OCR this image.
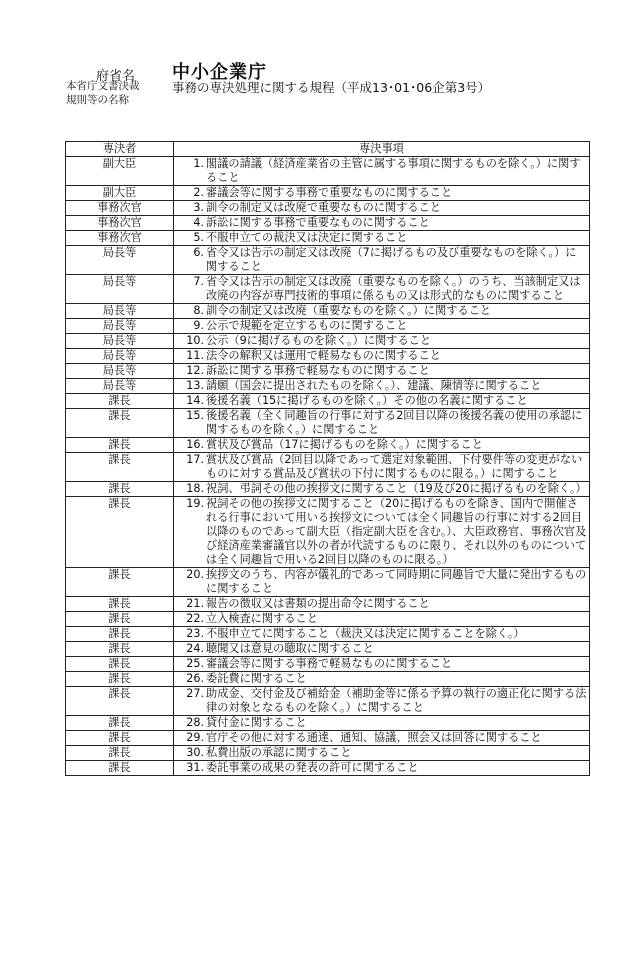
府省名 中小企業庁
本省庁文書決裁
規則等の名称
事務の専決処理に関する規程（平成13･01･06企第3号）
専決者	専決事項
副大臣	1. 閣議の請議（経済産業省の主管に属する事項に関するものを除く。）に関すること

副大臣	2. 審議会等に関する事務で重要なものに関すること

事務次官	3. 訓令の制定又は改廃で重要なものに関すること

事務次官	4. 訴訟に関する事務で重要なものに関すること

事務次官	5. 不服申立ての裁決又は決定に関すること

局長等	6. 省令又は告示の制定又は改廃（7に掲げるもの及び重要なものを除く。）に関すること

局長等	7. 省令又は告示の制定又は改廃（重要なものを除く。）のうち、当該制定又は改廃の内容が専門技術的事項に係るもの又は形式的なものに関すること

局長等	8. 訓令の制定又は改廃（重要なものを除く。）に関すること

局長等	9. 公示で規範を定立するものに関すること

局長等	10. 公示（9に掲げるものを除く。）に関すること

局長等	11. 法令の解釈又は運用で軽易なものに関すること

局長等	12. 訴訟に関する事務で軽易なものに関すること

局長等	13. 請願（国会に提出されたものを除く。）、建議、陳情等に関すること

課長	14. 後援名義（15に掲げるものを除く。）その他の名義に関すること

課長	15. 後援名義（全く同趣旨の行事に対する2回目以降の後援名義の使用の承認に関するものを除く。）に関すること

課長	16. 賞状及び賞品（17に掲げるものを除く。）に関すること

課長	17. 賞状及び賞品（2回目以降であって選定対象範囲、下付要件等の変更がないものに対する賞品及び賞状の下付に関するものに限る。）に関すること

課長	18. 祝詞、弔詞その他の挨拶文に関すること（19及び20に掲げるものを除く。）

課長	19. 祝詞その他の挨拶文に関すること（20に掲げるものを除き、国内で開催される行事において用いる挨拶文については全く同趣旨の行事に対する2回目以降のものであって副大臣（指定副大臣を含む。）、大臣政務官、事務次官及び経済産業審議官以外の者が代読するものに限り、それ以外のものについては全く同趣旨で用いる2回目以降のものに限る。）

課長	20. 挨拶文のうち、内容が儀礼的であって同時期に同趣旨で大量に発出するものに関すること

課長	21. 報告の徴収又は書類の提出命令に関すること

課長	22. 立入検査に関すること

課長	23. 不服申立てに関すること（裁決又は決定に関することを除く。）

課長	24. 聴聞又は意見の聴取に関すること

課長	25. 審議会等に関する事務で軽易なものに関すること

課長	26. 委託費に関すること

課長	27. 助成金、交付金及び補給金（補助金等に係る予算の執行の適正化に関する法律の対象となるものを除く。）に関すること

課長	28. 貸付金に関すること

課長	29. 官庁その他に対する通達、通知、協議、照会又は回答に関すること

課長	30. 私費出版の承認に関すること

課長	31. 委託事業の成果の発表の許可に関すること
